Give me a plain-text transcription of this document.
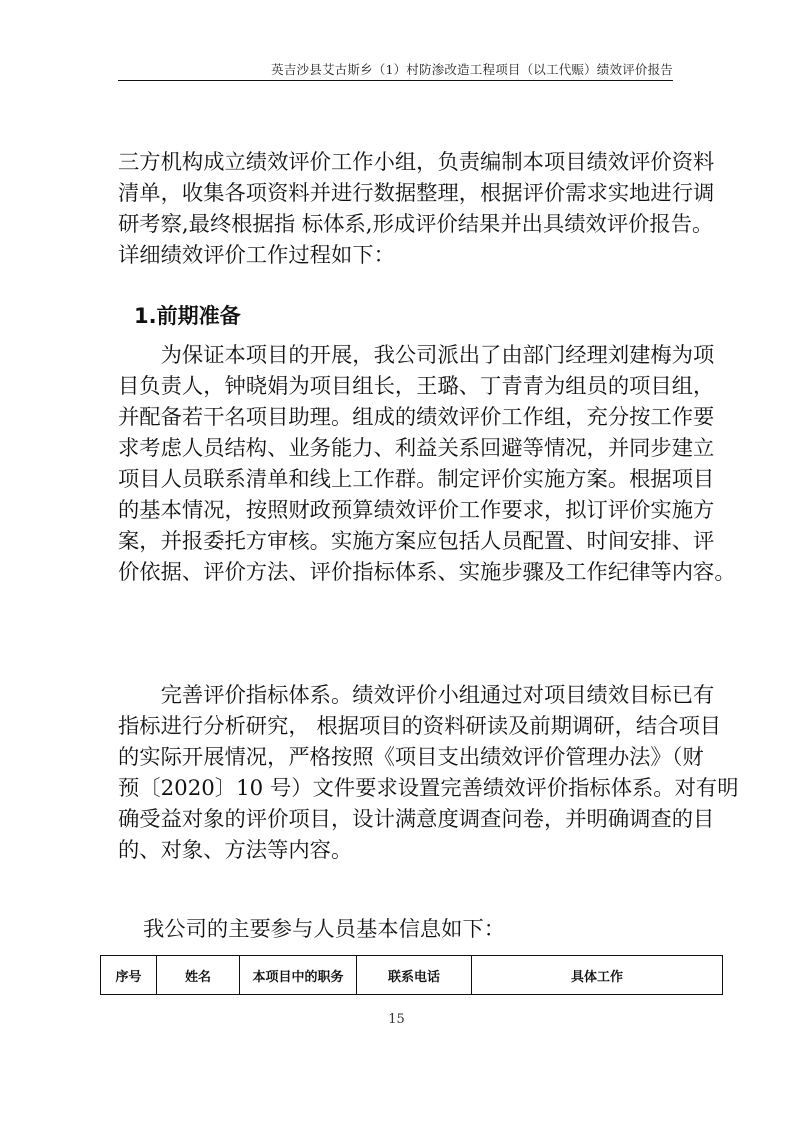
英吉沙县艾古斯乡（1）村防渗改造工程项目（以工代赈）绩效评价报告

三方机构成立绩效评价工作小组，负责编制本项目绩效评价资料
清单，收集各项资料并进行数据整理，根据评价需求实地进行调
研考察,最终根据指 标体系,形成评价结果并出具绩效评价报告。
详细绩效评价工作过程如下：

1.前期准备

　　为保证本项目的开展，我公司派出了由部门经理刘建梅为项
目负责人，钟晓娟为项目组长，王璐、丁青青为组员的项目组，
并配备若干名项目助理。组成的绩效评价工作组，充分按工作要
求考虑人员结构、业务能力、利益关系回避等情况，并同步建立
项目人员联系清单和线上工作群。制定评价实施方案。根据项目
的基本情况，按照财政预算绩效评价工作要求，拟订评价实施方
案，并报委托方审核。实施方案应包括人员配置、时间安排、评
价依据、评价方法、评价指标体系、实施步骤及工作纪律等内容。

　　完善评价指标体系。绩效评价小组通过对项目绩效目标已有
指标进行分析研究， 根据项目的资料研读及前期调研，结合项目
的实际开展情况，严格按照《项目支出绩效评价管理办法》（财
预〔2020〕10 号）文件要求设置完善绩效评价指标体系。对有明
确受益对象的评价项目，设计满意度调查问卷，并明确调查的目
的、对象、方法等内容。

我公司的主要参与人员基本信息如下：

序号	姓名	本项目中的职务	联系电话	具体工作
15
